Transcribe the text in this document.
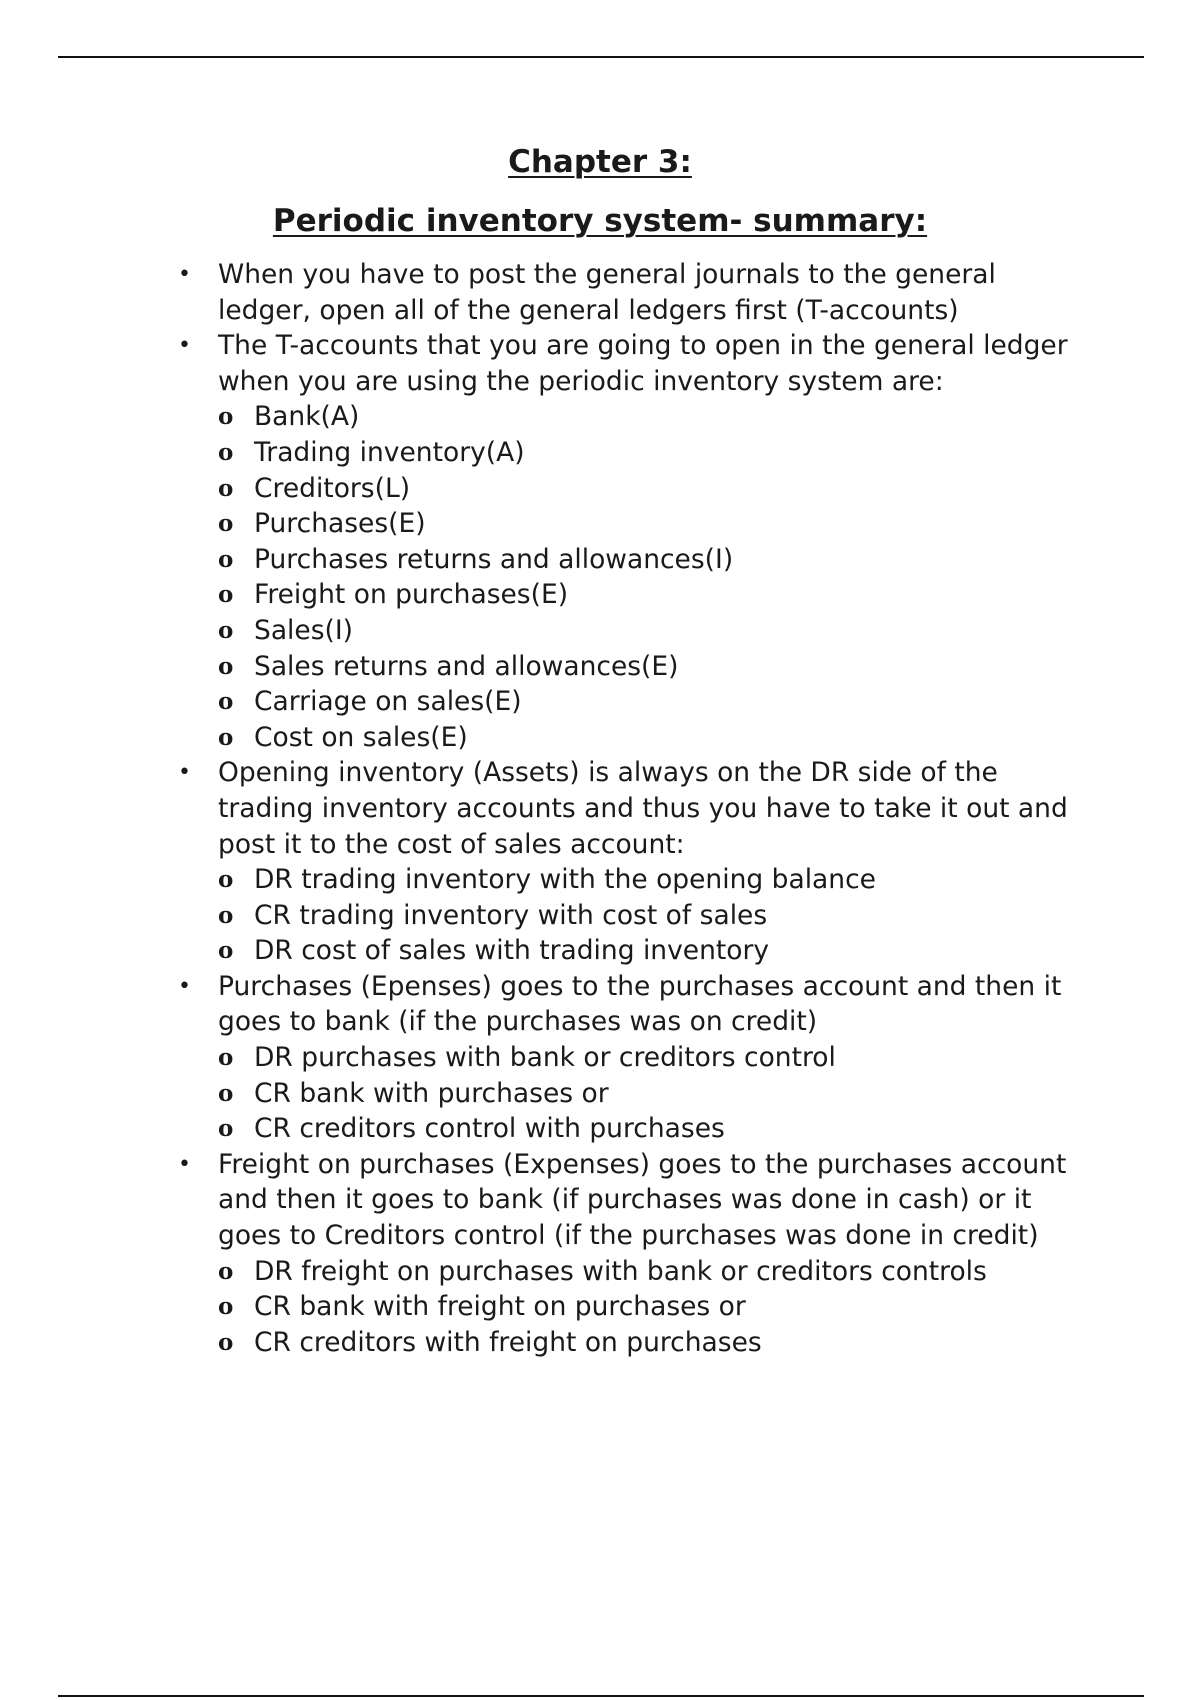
Chapter 3:
Periodic inventory system- summary:
• When you have to post the general journals to the general ledger, open all of the general ledgers first (T-accounts)
• The T-accounts that you are going to open in the general ledger when you are using the periodic inventory system are:
o Bank(A)
o Trading inventory(A)
o Creditors(L)
o Purchases(E)
o Purchases returns and allowances(I)
o Freight on purchases(E)
o Sales(I)
o Sales returns and allowances(E)
o Carriage on sales(E)
o Cost on sales(E)
• Opening inventory (Assets) is always on the DR side of the trading inventory accounts and thus you have to take it out and post it to the cost of sales account:
o DR trading inventory with the opening balance
o CR trading inventory with cost of sales
o DR cost of sales with trading inventory
• Purchases (Epenses) goes to the purchases account and then it goes to bank (if the purchases was on credit)
o DR purchases with bank or creditors control
o CR bank with purchases or
o CR creditors control with purchases
• Freight on purchases (Expenses) goes to the purchases account and then it goes to bank (if purchases was done in cash) or it goes to Creditors control (if the purchases was done in credit)
o DR freight on purchases with bank or creditors controls
o CR bank with freight on purchases or
o CR creditors with freight on purchases
